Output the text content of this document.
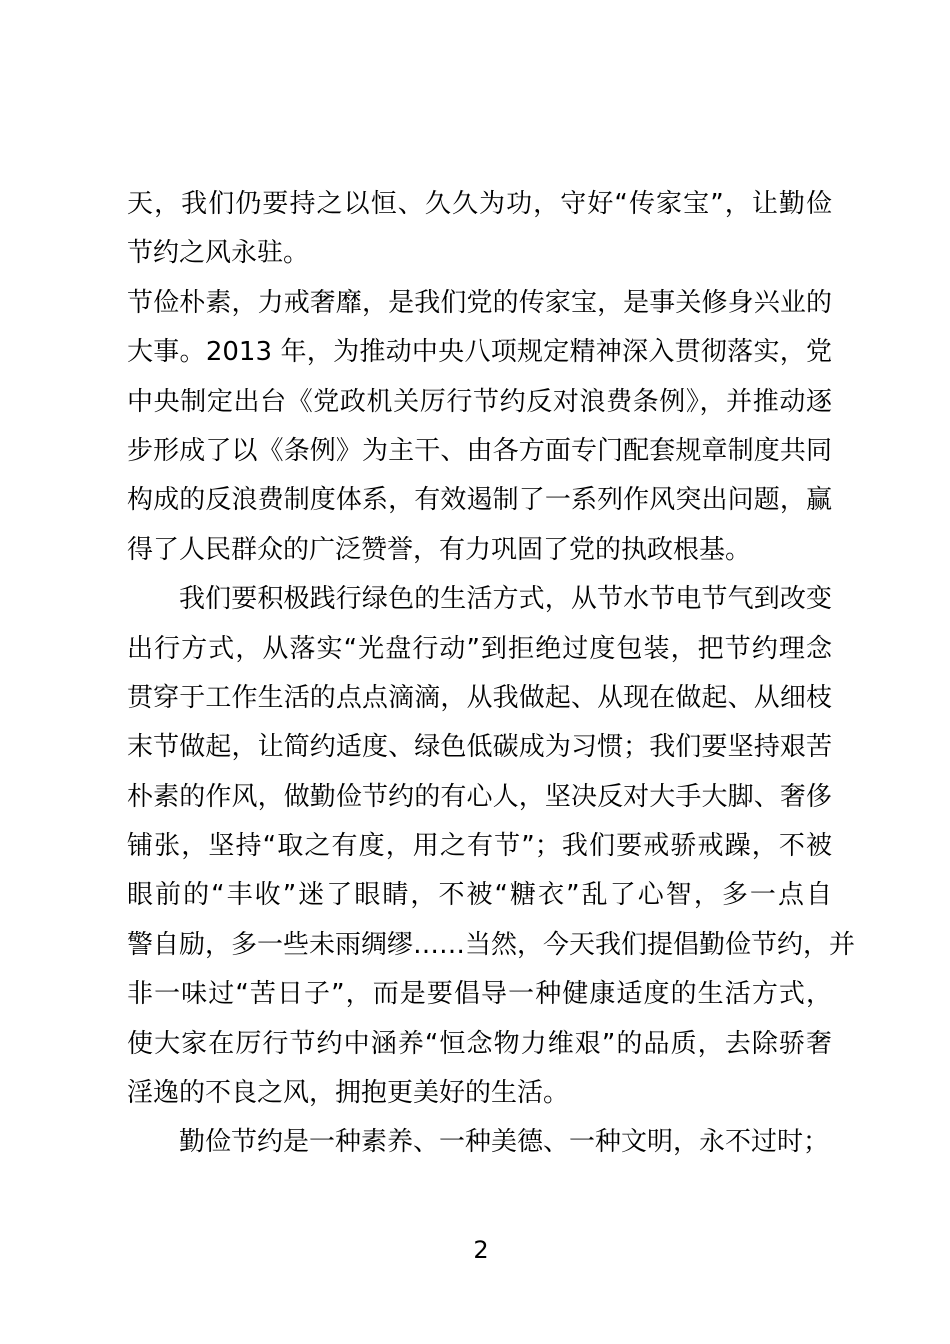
天，我们仍要持之以恒、久久为功，守好“传家宝”，让勤俭
节约之风永驻。
节俭朴素，力戒奢靡，是我们党的传家宝，是事关修身兴业的
大事。2013 年，为推动中央八项规定精神深入贯彻落实，党
中央制定出台《党政机关厉行节约反对浪费条例》，并推动逐
步形成了以《条例》为主干、由各方面专门配套规章制度共同
构成的反浪费制度体系，有效遏制了一系列作风突出问题，赢
得了人民群众的广泛赞誉，有力巩固了党的执政根基。
我们要积极践行绿色的生活方式，从节水节电节气到改变
出行方式，从落实“光盘行动”到拒绝过度包装，把节约理念
贯穿于工作生活的点点滴滴，从我做起、从现在做起、从细枝
末节做起，让简约适度、绿色低碳成为习惯；我们要坚持艰苦
朴素的作风，做勤俭节约的有心人，坚决反对大手大脚、奢侈
铺张，坚持“取之有度，用之有节”；我们要戒骄戒躁，不被
眼前的“丰收”迷了眼睛，不被“糖衣”乱了心智，多一点自
警自励，多一些未雨绸缪……当然，今天我们提倡勤俭节约，并
非一味过“苦日子”，而是要倡导一种健康适度的生活方式，
使大家在厉行节约中涵养“恒念物力维艰”的品质，去除骄奢
淫逸的不良之风，拥抱更美好的生活。
勤俭节约是一种素养、一种美德、一种文明，永不过时；
2
